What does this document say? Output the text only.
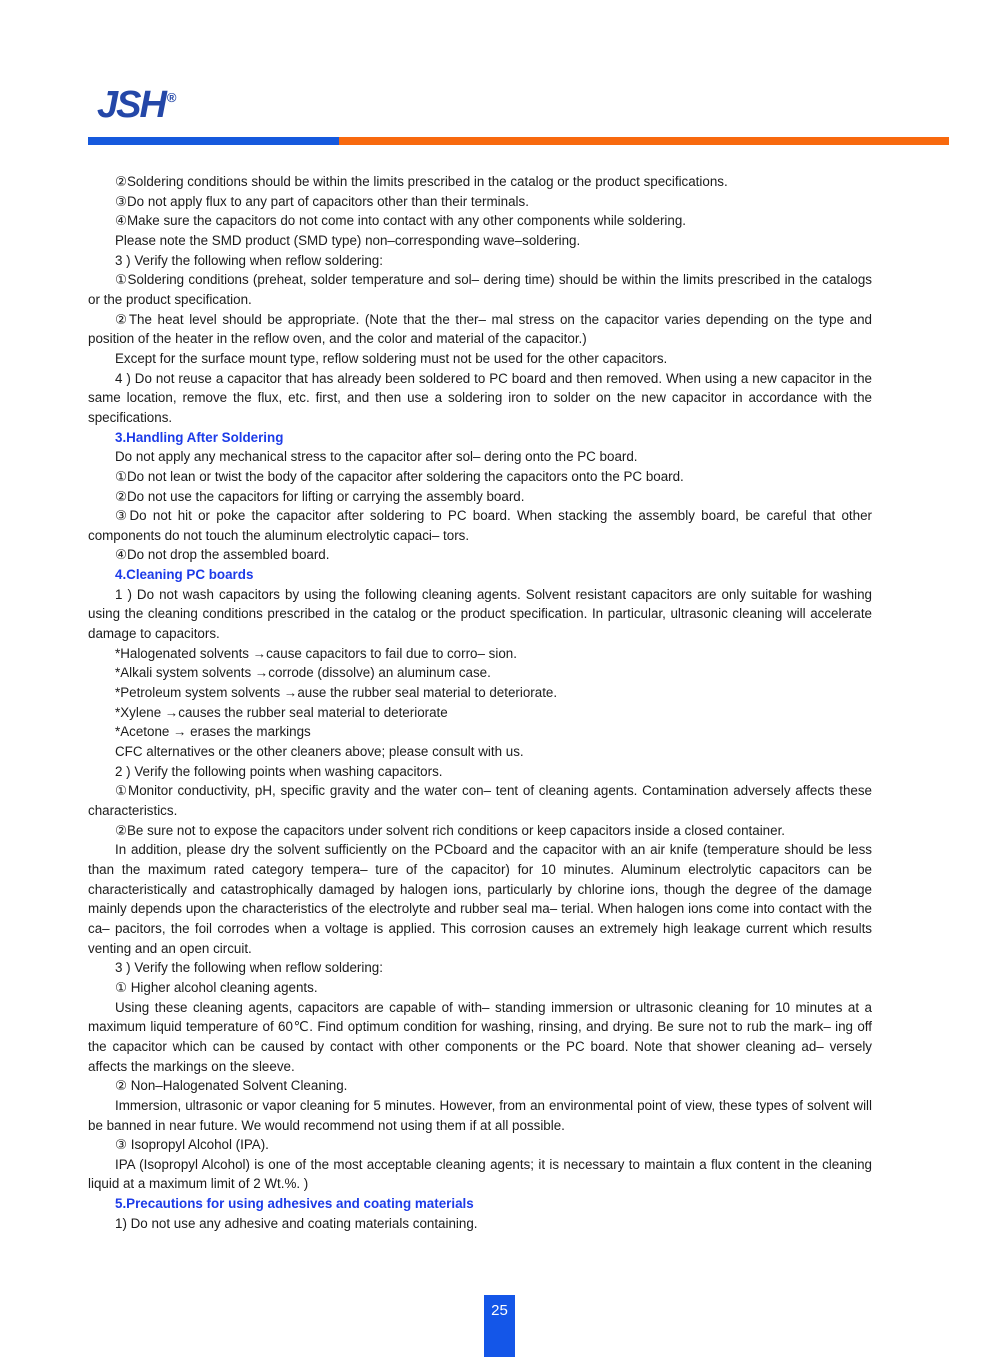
JSH ®

②Soldering conditions should be within the limits prescribed in the catalog or the product specifications.

③Do not apply flux to any part of capacitors other than their terminals.

④Make sure the capacitors do not come into contact with any other components while soldering.

Please note the SMD product (SMD type) non–corresponding wave–soldering.

3 ) Verify the following when reflow soldering:

①Soldering conditions (preheat, solder temperature and sol– dering time) should be within the limits prescribed in the catalogs or the product specification.

②The heat level should be appropriate. (Note that the ther– mal stress on the capacitor varies depending on the type and position of the heater in the reflow oven, and the color and material of the capacitor.)

Except for the surface mount type, reflow soldering must not be used for the other capacitors.

4 ) Do not reuse a capacitor that has already been soldered to PC board and then removed. When using a new capacitor in the same location, remove the flux, etc. first, and then use a soldering iron to solder on the new capacitor in accordance with the specifications.

3.Handling After Soldering

Do not apply any mechanical stress to the capacitor after sol– dering onto the PC board.

①Do not lean or twist the body of the capacitor after soldering the capacitors onto the PC board.

②Do not use the capacitors for lifting or carrying the assembly board.

③Do not hit or poke the capacitor after soldering to PC board. When stacking the assembly board, be careful that other components do not touch the aluminum electrolytic capaci– tors.

④Do not drop the assembled board.

4.Cleaning PC boards

1 ) Do not wash capacitors by using the following cleaning agents. Solvent resistant capacitors are only suitable for washing using the cleaning conditions prescribed in the catalog or the product specification. In particular, ultrasonic cleaning will accelerate damage to capacitors.

*Halogenated solvents →cause capacitors to fail due to corro– sion.

*Alkali system solvents →corrode (dissolve) an aluminum case.

*Petroleum system solvents →ause the rubber seal material to deteriorate.

*Xylene →causes the rubber seal material to deteriorate

*Acetone → erases the markings

CFC alternatives or the other cleaners above; please consult with us.

2 ) Verify the following points when washing capacitors.

①Monitor conductivity, pH, specific gravity and the water con– tent of cleaning agents. Contamination adversely affects these characteristics.

②Be sure not to expose the capacitors under solvent rich conditions or keep capacitors inside a closed container.

In addition, please dry the solvent sufficiently on the PCboard and the capacitor with an air knife (temperature should be less than the maximum rated category tempera– ture of the capacitor) for 10 minutes. Aluminum electrolytic capacitors can be characteristically and catastrophically damaged by halogen ions, particularly by chlorine ions, though the degree of the damage mainly depends upon the characteristics of the electrolyte and rubber seal ma– terial. When halogen ions come into contact with the ca– pacitors, the foil corrodes when a voltage is applied. This corrosion causes an extremely high leakage current which results venting and an open circuit.

3 ) Verify the following when reflow soldering:

① Higher alcohol cleaning agents.

Using these cleaning agents, capacitors are capable of with– standing immersion or ultrasonic cleaning for 10 minutes at a maximum liquid temperature of 60℃. Find optimum condition for washing, rinsing, and drying. Be sure not to rub the mark– ing off the capacitor which can be caused by contact with other components or the PC board. Note that shower cleaning ad– versely affects the markings on the sleeve.

② Non–Halogenated Solvent Cleaning.

Immersion, ultrasonic or vapor cleaning for 5 minutes. However, from an environmental point of view, these types of solvent will be banned in near future. We would recommend not using them if at all possible.

③ Isopropyl Alcohol (IPA).

IPA (Isopropyl Alcohol) is one of the most acceptable cleaning agents; it is necessary to maintain a flux content in the cleaning liquid at a maximum limit of 2 Wt.%. )

5.Precautions for using adhesives and coating materials

1) Do not use any adhesive and coating materials containing.

25
